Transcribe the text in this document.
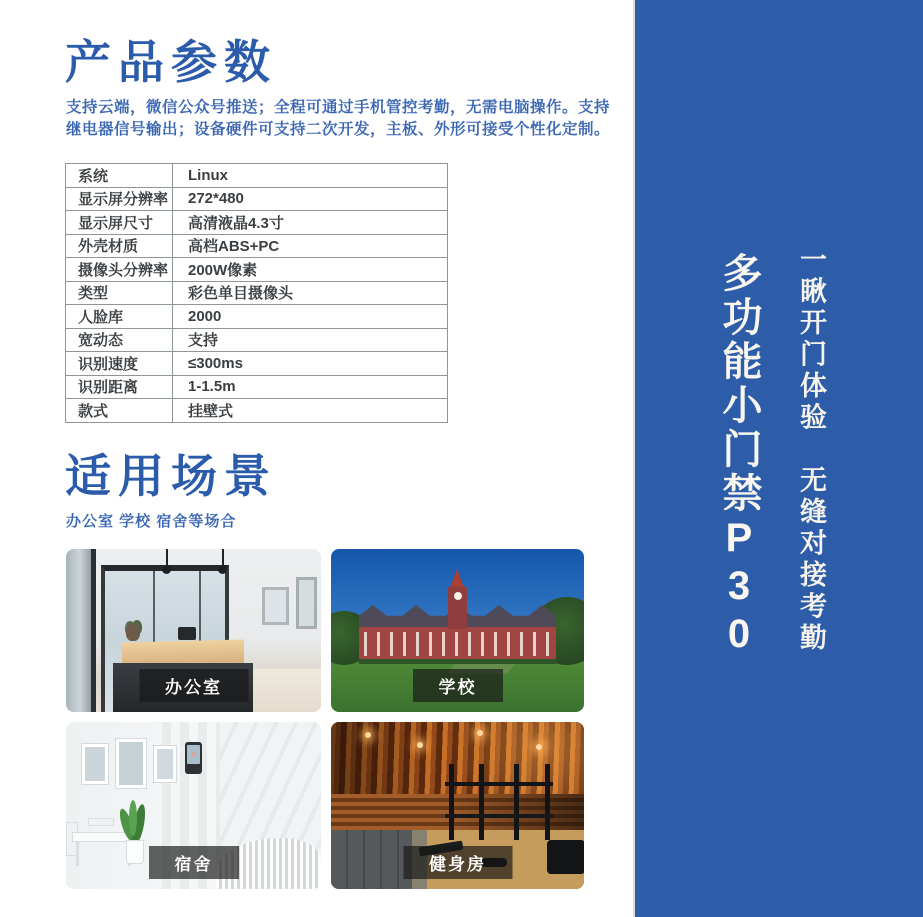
产品参数
支持云端，微信公众号推送；全程可通过手机管控考勤，无需电脑操作。支持
继电器信号输出；设备硬件可支持二次开发，主板、外形可接受个性化定制。
系统	Linux
显示屏分辨率	272*480
显示屏尺寸	高清液晶4.3寸
外壳材质	高档ABS+PC
摄像头分辨率	200W像素
类型	彩色单目摄像头
人脸库	2000
宽动态	支持
识别速度	≤300ms
识别距离	1-1.5m
款式	挂壁式
适用场景
办公室 学校 宿舍等场合
办公室	学校
宿舍	健身房
多功能小门禁P30 一瞅开门体验　无缝对接考勤
